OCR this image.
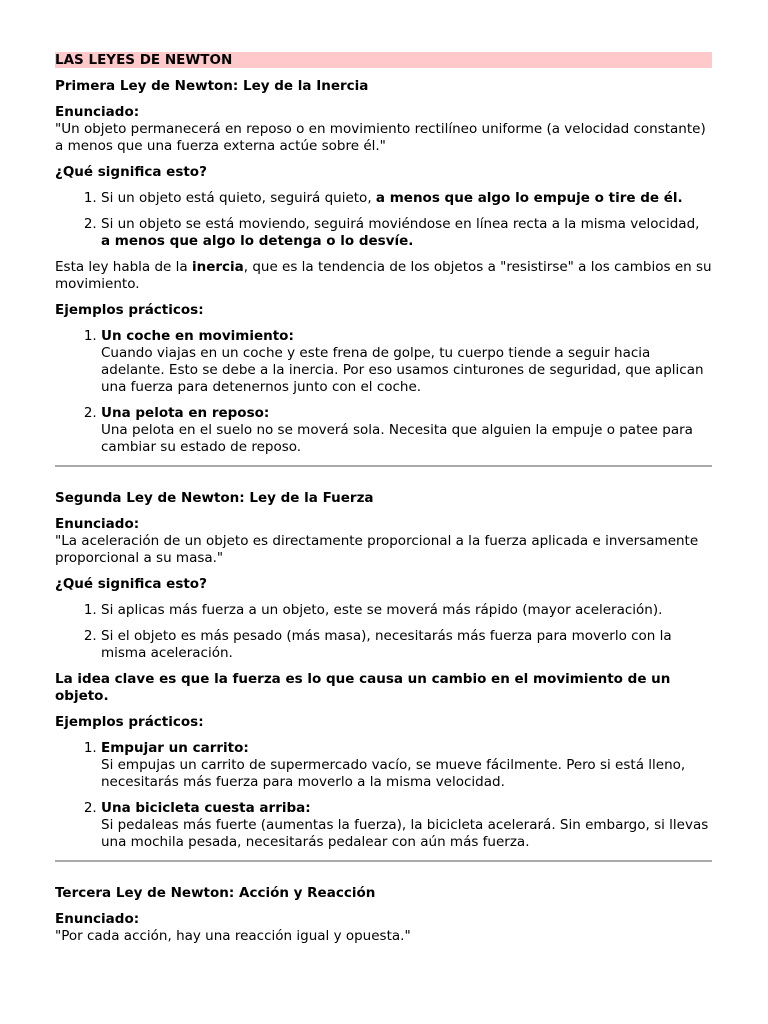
LAS LEYES DE NEWTON
Primera Ley de Newton: Ley de la Inercia

Enunciado:
"Un objeto permanecerá en reposo o en movimiento rectilíneo uniforme (a velocidad constante) a menos que una fuerza externa actúe sobre él."

¿Qué significa esto?

1. Si un objeto está quieto, seguirá quieto, a menos que algo lo empuje o tire de él.
2. Si un objeto se está moviendo, seguirá moviéndose en línea recta a la misma velocidad, a menos que algo lo detenga o lo desvíe.

Esta ley habla de la inercia, que es la tendencia de los objetos a "resistirse" a los cambios en su movimiento.

Ejemplos prácticos:

1. Un coche en movimiento:
Cuando viajas en un coche y este frena de golpe, tu cuerpo tiende a seguir hacia adelante. Esto se debe a la inercia. Por eso usamos cinturones de seguridad, que aplican una fuerza para detenernos junto con el coche.
2. Una pelota en reposo:
Una pelota en el suelo no se moverá sola. Necesita que alguien la empuje o patee para cambiar su estado de reposo.
Segunda Ley de Newton: Ley de la Fuerza

Enunciado:
"La aceleración de un objeto es directamente proporcional a la fuerza aplicada e inversamente proporcional a su masa."

¿Qué significa esto?

1. Si aplicas más fuerza a un objeto, este se moverá más rápido (mayor aceleración).
2. Si el objeto es más pesado (más masa), necesitarás más fuerza para moverlo con la misma aceleración.

La idea clave es que la fuerza es lo que causa un cambio en el movimiento de un objeto.

Ejemplos prácticos:

1. Empujar un carrito:
Si empujas un carrito de supermercado vacío, se mueve fácilmente. Pero si está lleno, necesitarás más fuerza para moverlo a la misma velocidad.
2. Una bicicleta cuesta arriba:
Si pedaleas más fuerte (aumentas la fuerza), la bicicleta acelerará. Sin embargo, si llevas una mochila pesada, necesitarás pedalear con aún más fuerza.
Tercera Ley de Newton: Acción y Reacción

Enunciado:
"Por cada acción, hay una reacción igual y opuesta."
